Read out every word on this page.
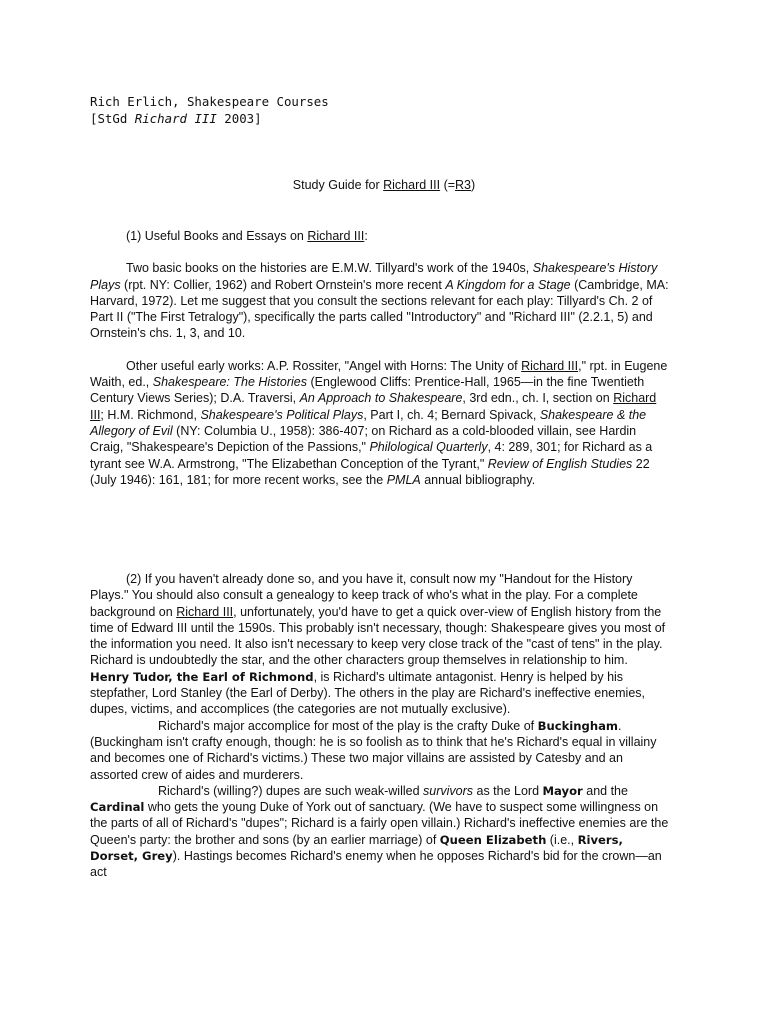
Rich Erlich, Shakespeare Courses
[StGd Richard III 2003]
Study Guide for Richard III (=R3)

(1) Useful Books and Essays on Richard III:

Two basic books on the histories are E.M.W. Tillyard's work of the 1940s, Shakespeare's History Plays (rpt. NY: Collier, 1962) and Robert Ornstein's more recent A Kingdom for a Stage (Cambridge, MA: Harvard, 1972). Let me suggest that you consult the sections relevant for each play: Tillyard's Ch. 2 of Part II ("The First Tetralogy"), specifically the parts called "Introductory" and "Richard III" (2.2.1, 5) and Ornstein's chs. 1, 3, and 10.

Other useful early works: A.P. Rossiter, "Angel with Horns: The Unity of Richard III," rpt. in Eugene Waith, ed., Shakespeare: The Histories (Englewood Cliffs: Prentice-Hall, 1965—in the fine Twentieth Century Views Series); D.A. Traversi, An Approach to Shakespeare, 3rd edn., ch. I, section on Richard III; H.M. Richmond, Shakespeare's Political Plays, Part I, ch. 4; Bernard Spivack, Shakespeare & the Allegory of Evil (NY: Columbia U., 1958): 386-407; on Richard as a cold-blooded villain, see Hardin Craig, "Shakespeare's Depiction of the Passions," Philological Quarterly, 4: 289, 301; for Richard as a tyrant see W.A. Armstrong, "The Elizabethan Conception of the Tyrant," Review of English Studies 22 (July 1946): 161, 181; for more recent works, see the PMLA annual bibliography.

(2) If you haven't already done so, and you have it, consult now my "Handout for the History Plays." You should also consult a genealogy to keep track of who's what in the play. For a complete background on Richard III, unfortunately, you'd have to get a quick over-view of English history from the time of Edward III until the 1590s. This probably isn't necessary, though: Shakespeare gives you most of the information you need. It also isn't necessary to keep very close track of the "cast of tens" in the play. Richard is undoubtedly the star, and the other characters group themselves in relationship to him. Henry Tudor, the Earl of Richmond, is Richard's ultimate antagonist. Henry is helped by his stepfather, Lord Stanley (the Earl of Derby). The others in the play are Richard's ineffective enemies, dupes, victims, and accomplices (the categories are not mutually exclusive).

Richard's major accomplice for most of the play is the crafty Duke of Buckingham. (Buckingham isn't crafty enough, though: he is so foolish as to think that he's Richard's equal in villainy and becomes one of Richard's victims.) These two major villains are assisted by Catesby and an assorted crew of aides and murderers.

Richard's (willing?) dupes are such weak-willed survivors as the Lord Mayor and the Cardinal who gets the young Duke of York out of sanctuary. (We have to suspect some willingness on the parts of all of Richard's "dupes"; Richard is a fairly open villain.) Richard's ineffective enemies are the Queen's party: the brother and sons (by an earlier marriage) of Queen Elizabeth (i.e., Rivers, Dorset, Grey). Hastings becomes Richard's enemy when he opposes Richard's bid for the crown—an act
